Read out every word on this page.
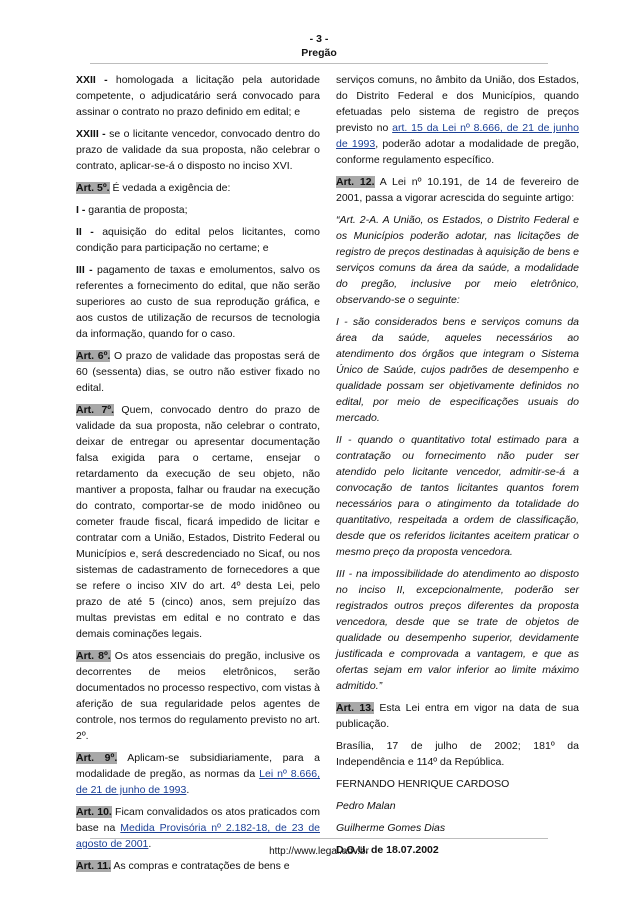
- 3 -
Pregão

XXII - homologada a licitação pela autoridade competente, o adjudicatário será convocado para assinar o contrato no prazo definido em edital; e

XXIII - se o licitante vencedor, convocado dentro do prazo de validade da sua proposta, não celebrar o contrato, aplicar-se-á o disposto no inciso XVI.

Art. 5º. É vedada a exigência de:

I - garantia de proposta;

II - aquisição do edital pelos licitantes, como condição para participação no certame; e

III - pagamento de taxas e emolumentos, salvo os referentes a fornecimento do edital, que não serão superiores ao custo de sua reprodução gráfica, e aos custos de utilização de recursos de tecnologia da informação, quando for o caso.

Art. 6º. O prazo de validade das propostas será de 60 (sessenta) dias, se outro não estiver fixado no edital.

Art. 7º. Quem, convocado dentro do prazo de validade da sua proposta, não celebrar o contrato, deixar de entregar ou apresentar documentação falsa exigida para o certame, ensejar o retardamento da execução de seu objeto, não mantiver a proposta, falhar ou fraudar na execução do contrato, comportar-se de modo inidôneo ou cometer fraude fiscal, ficará impedido de licitar e contratar com a União, Estados, Distrito Federal ou Municípios e, será descredenciado no Sicaf, ou nos sistemas de cadastramento de fornecedores a que se refere o inciso XIV do art. 4º desta Lei, pelo prazo de até 5 (cinco) anos, sem prejuízo das multas previstas em edital e no contrato e das demais cominações legais.

Art. 8º. Os atos essenciais do pregão, inclusive os decorrentes de meios eletrônicos, serão documentados no processo respectivo, com vistas à aferição de sua regularidade pelos agentes de controle, nos termos do regulamento previsto no art. 2º.

Art. 9º. Aplicam-se subsidiariamente, para a modalidade de pregão, as normas da Lei nº 8.666, de 21 de junho de 1993.

Art. 10. Ficam convalidados os atos praticados com base na Medida Provisória nº 2.182-18, de 23 de agosto de 2001.

Art. 11. As compras e contratações de bens e

serviços comuns, no âmbito da União, dos Estados, do Distrito Federal e dos Municípios, quando efetuadas pelo sistema de registro de preços previsto no art. 15 da Lei nº 8.666, de 21 de junho de 1993, poderão adotar a modalidade de pregão, conforme regulamento específico.

Art. 12. A Lei nº 10.191, de 14 de fevereiro de 2001, passa a vigorar acrescida do seguinte artigo:

“Art. 2-A. A União, os Estados, o Distrito Federal e os Municípios poderão adotar, nas licitações de registro de preços destinadas à aquisição de bens e serviços comuns da área da saúde, a modalidade do pregão, inclusive por meio eletrônico, observando-se o seguinte:

I - são considerados bens e serviços comuns da área da saúde, aqueles necessários ao atendimento dos órgãos que integram o Sistema Único de Saúde, cujos padrões de desempenho e qualidade possam ser objetivamente definidos no edital, por meio de especificações usuais do mercado.

II - quando o quantitativo total estimado para a contratação ou fornecimento não puder ser atendido pelo licitante vencedor, admitir-se-á a convocação de tantos licitantes quantos forem necessários para o atingimento da totalidade do quantitativo, respeitada a ordem de classificação, desde que os referidos licitantes aceitem praticar o mesmo preço da proposta vencedora.

III - na impossibilidade do atendimento ao disposto no inciso II, excepcionalmente, poderão ser registrados outros preços diferentes da proposta vencedora, desde que se trate de objetos de qualidade ou desempenho superior, devidamente justificada e comprovada a vantagem, e que as ofertas sejam em valor inferior ao limite máximo admitido.”

Art. 13. Esta Lei entra em vigor na data de sua publicação.

Brasília, 17 de julho de 2002; 181º da Independência e 114º da República.

FERNANDO HENRIQUE CARDOSO

Pedro Malan

Guilherme Gomes Dias

D.O.U. de 18.07.2002

http://www.legal.adv.br
